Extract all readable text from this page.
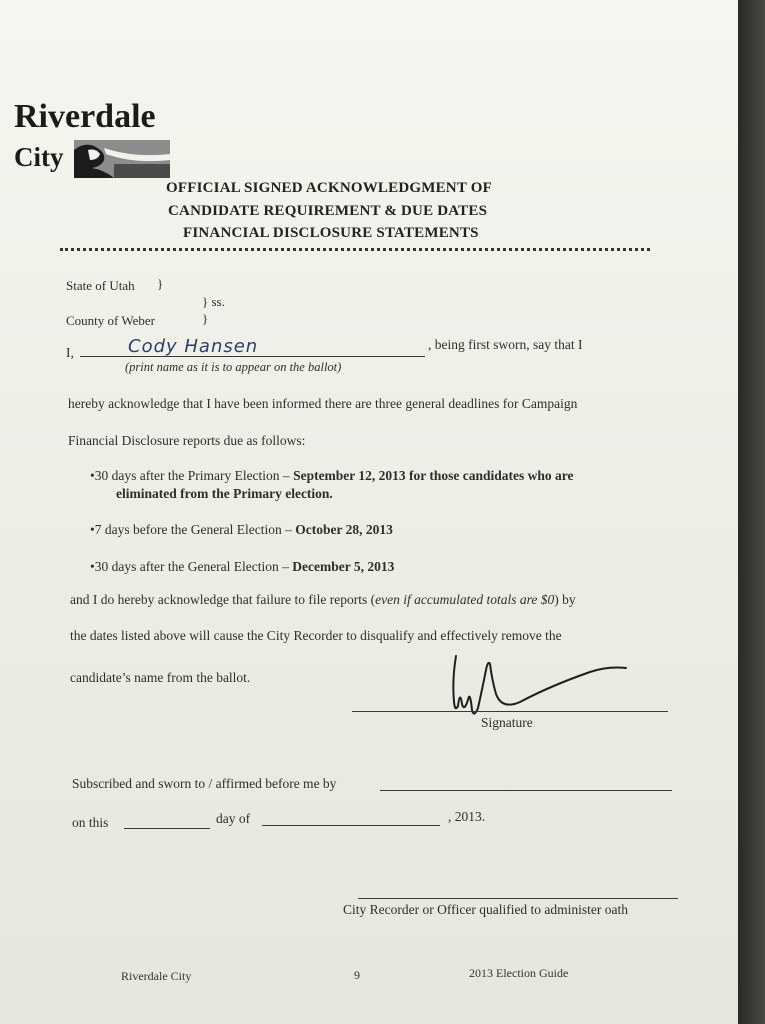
Riverdale
City
OFFICIAL SIGNED ACKNOWLEDGMENT OF
CANDIDATE REQUIREMENT & DUE DATES
FINANCIAL DISCLOSURE STATEMENTS
State of Utah }
} ss.
County of Weber	}
I,	Cody Hansen	, being first sworn, say that I
(print name as it is to appear on the ballot)
hereby acknowledge that I have been informed there are three general deadlines for Campaign
Financial Disclosure reports due as follows:
•30 days after the Primary Election – September 12, 2013 for those candidates who are
eliminated from the Primary election.
•7 days before the General Election – October 28, 2013
•30 days after the General Election – December 5, 2013
and I do hereby acknowledge that failure to file reports (even if accumulated totals are $0) by
the dates listed above will cause the City Recorder to disqualify and effectively remove the
candidate’s name from the ballot.
Signature
Subscribed and sworn to / affirmed before me by
on this	day of	, 2013.
City Recorder or Officer qualified to administer oath
Riverdale City	9	2013 Election Guide
